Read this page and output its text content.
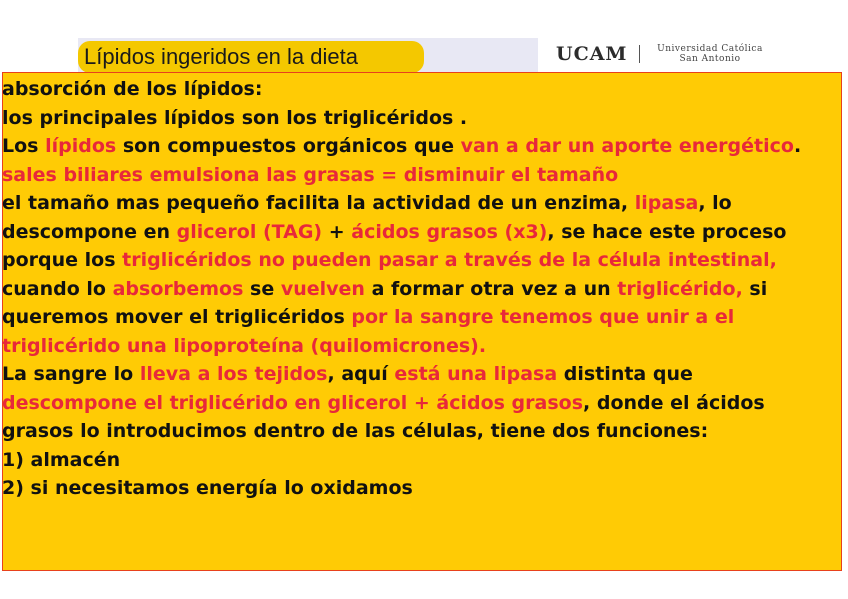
Lípidos ingeridos en la dieta	UCAM	Universidad Católica
San Antonio
absorción de los lípidos:
los principales lípidos son los triglicéridos .
Los lípidos son compuestos orgánicos que van a dar un aporte energético.
sales biliares emulsiona las grasas = disminuir el tamaño
el tamaño mas pequeño facilita la actividad de un enzima, lipasa, lo
descompone en glicerol (TAG) + ácidos grasos (x3), se hace este proceso
porque los triglicéridos no pueden pasar a través de la célula intestinal,
cuando lo absorbemos se vuelven a formar otra vez a un triglicérido, si
queremos mover el triglicéridos por la sangre tenemos que unir a el
triglicérido una lipoproteína (quilomicrones).
La sangre lo lleva a los tejidos, aquí está una lipasa distinta que
descompone el triglicérido en glicerol + ácidos grasos, donde el ácidos
grasos lo introducimos dentro de las células, tiene dos funciones:
1) almacén
2) si necesitamos energía lo oxidamos
